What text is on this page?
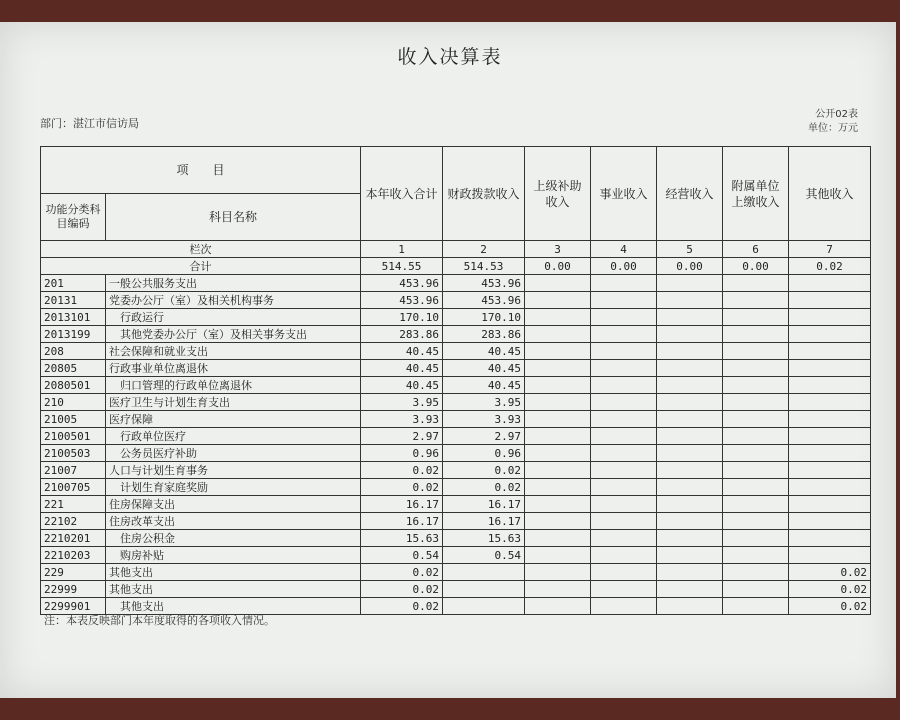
收入决算表
部门：湛江市信访局
公开02表
单位：万元
项　　目		本年收入合计	财政拨款收入	上级补助收入	事业收入	经营收入	附属单位上缴收入	其他收入
功能分类科目编码	科目名称							
栏次		1	2	3	4	5	6	7
合计		514.55	514.53	0.00	0.00	0.00	0.00	0.02
201	一般公共服务支出	453.96	453.96					
20131	党委办公厅（室）及相关机构事务	453.96	453.96					
2013101	行政运行	170.10	170.10					
2013199	其他党委办公厅（室）及相关事务支出	283.86	283.86					
208	社会保障和就业支出	40.45	40.45					
20805	行政事业单位离退休	40.45	40.45					
2080501	归口管理的行政单位离退休	40.45	40.45					
210	医疗卫生与计划生育支出	3.95	3.95					
21005	医疗保障	3.93	3.93					
2100501	行政单位医疗	2.97	2.97					
2100503	公务员医疗补助	0.96	0.96					
21007	人口与计划生育事务	0.02	0.02					
2100705	计划生育家庭奖励	0.02	0.02					
221	住房保障支出	16.17	16.17					
22102	住房改革支出	16.17	16.17					
2210201	住房公积金	15.63	15.63					
2210203	购房补贴	0.54	0.54					
229	其他支出	0.02						0.02
22999	其他支出	0.02						0.02
2299901	其他支出	0.02						0.02
注：本表反映部门本年度取得的各项收入情况。
